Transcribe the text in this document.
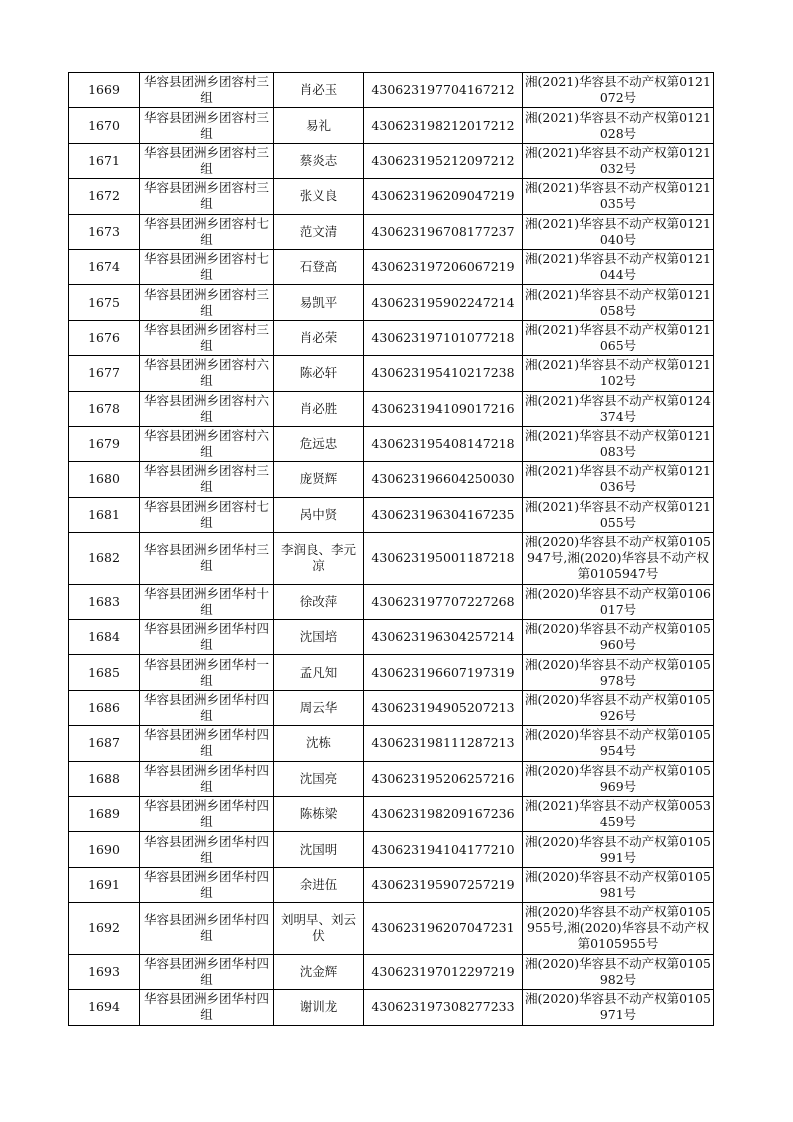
1669	华容县团洲乡团容村三组	肖必玉	430623197704167212	湘(2021)华容县不动产权第0121072号
1670	华容县团洲乡团容村三组	易礼	430623198212017212	湘(2021)华容县不动产权第0121028号
1671	华容县团洲乡团容村三组	蔡炎志	430623195212097212	湘(2021)华容县不动产权第0121032号
1672	华容县团洲乡团容村三组	张义良	430623196209047219	湘(2021)华容县不动产权第0121035号
1673	华容县团洲乡团容村七组	范文清	430623196708177237	湘(2021)华容县不动产权第0121040号
1674	华容县团洲乡团容村七组	石登高	430623197206067219	湘(2021)华容县不动产权第0121044号
1675	华容县团洲乡团容村三组	易凯平	430623195902247214	湘(2021)华容县不动产权第0121058号
1676	华容县团洲乡团容村三组	肖必荣	430623197101077218	湘(2021)华容县不动产权第0121065号
1677	华容县团洲乡团容村六组	陈必轩	430623195410217238	湘(2021)华容县不动产权第0121102号
1678	华容县团洲乡团容村六组	肖必胜	430623194109017216	湘(2021)华容县不动产权第0124374号
1679	华容县团洲乡团容村六组	危远忠	430623195408147218	湘(2021)华容县不动产权第0121083号
1680	华容县团洲乡团容村三组	庞贤辉	430623196604250030	湘(2021)华容县不动产权第0121036号
1681	华容县团洲乡团容村七组	呙中贤	430623196304167235	湘(2021)华容县不动产权第0121055号
1682	华容县团洲乡团华村三组	李润良、李元凉	430623195001187218	湘(2020)华容县不动产权第0105947号,湘(2020)华容县不动产权第0105947号
1683	华容县团洲乡团华村十组	徐改萍	430623197707227268	湘(2020)华容县不动产权第0106017号
1684	华容县团洲乡团华村四组	沈国培	430623196304257214	湘(2020)华容县不动产权第0105960号
1685	华容县团洲乡团华村一组	孟凡知	430623196607197319	湘(2020)华容县不动产权第0105978号
1686	华容县团洲乡团华村四组	周云华	430623194905207213	湘(2020)华容县不动产权第0105926号
1687	华容县团洲乡团华村四组	沈栋	430623198111287213	湘(2020)华容县不动产权第0105954号
1688	华容县团洲乡团华村四组	沈国亮	430623195206257216	湘(2020)华容县不动产权第0105969号
1689	华容县团洲乡团华村四组	陈栋梁	430623198209167236	湘(2021)华容县不动产权第0053459号
1690	华容县团洲乡团华村四组	沈国明	430623194104177210	湘(2020)华容县不动产权第0105991号
1691	华容县团洲乡团华村四组	余进伍	430623195907257219	湘(2020)华容县不动产权第0105981号
1692	华容县团洲乡团华村四组	刘明早、刘云伏	430623196207047231	湘(2020)华容县不动产权第0105955号,湘(2020)华容县不动产权第0105955号
1693	华容县团洲乡团华村四组	沈金辉	430623197012297219	湘(2020)华容县不动产权第0105982号
1694	华容县团洲乡团华村四组	谢训龙	430623197308277233	湘(2020)华容县不动产权第0105971号
